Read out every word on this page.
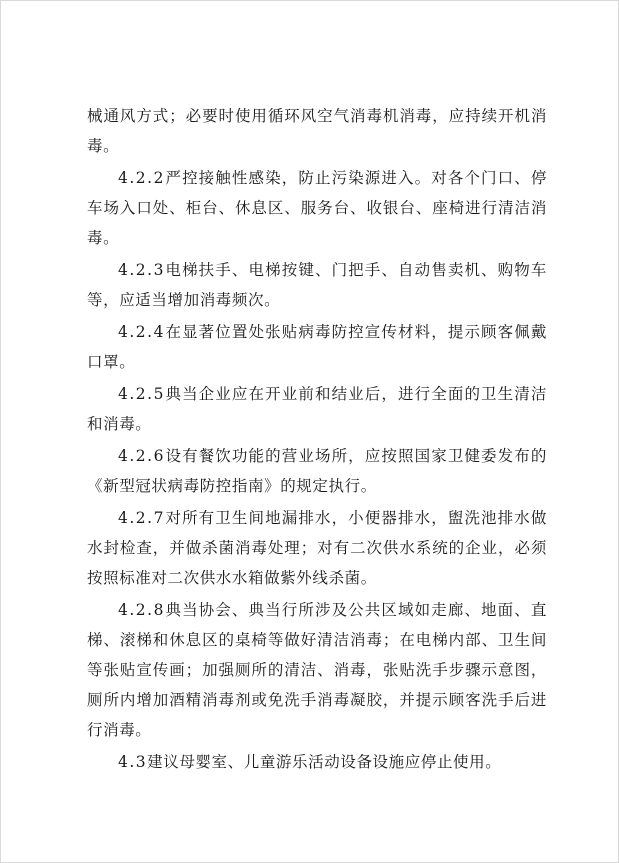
械通风方式；必要时使用循环风空气消毒机消毒，应持续开机消毒。

4.2.2严控接触性感染，防止污染源进入。对各个门口、停车场入口处、柜台、休息区、服务台、收银台、座椅进行清洁消毒。

4.2.3电梯扶手、电梯按键、门把手、自动售卖机、购物车等，应适当增加消毒频次。

4.2.4在显著位置处张贴病毒防控宣传材料，提示顾客佩戴口罩。

4.2.5典当企业应在开业前和结业后，进行全面的卫生清洁和消毒。

4.2.6设有餐饮功能的营业场所，应按照国家卫健委发布的《新型冠状病毒防控指南》的规定执行。

4.2.7对所有卫生间地漏排水，小便器排水，盥洗池排水做水封检查，并做杀菌消毒处理；对有二次供水系统的企业，必须按照标准对二次供水水箱做紫外线杀菌。

4.2.8典当协会、典当行所涉及公共区域如走廊、地面、直梯、滚梯和休息区的桌椅等做好清洁消毒；在电梯内部、卫生间等张贴宣传画；加强厕所的清洁、消毒，张贴洗手步骤示意图，厕所内增加酒精消毒剂或免洗手消毒凝胶，并提示顾客洗手后进行消毒。

4.3建议母婴室、儿童游乐活动设备设施应停止使用。
